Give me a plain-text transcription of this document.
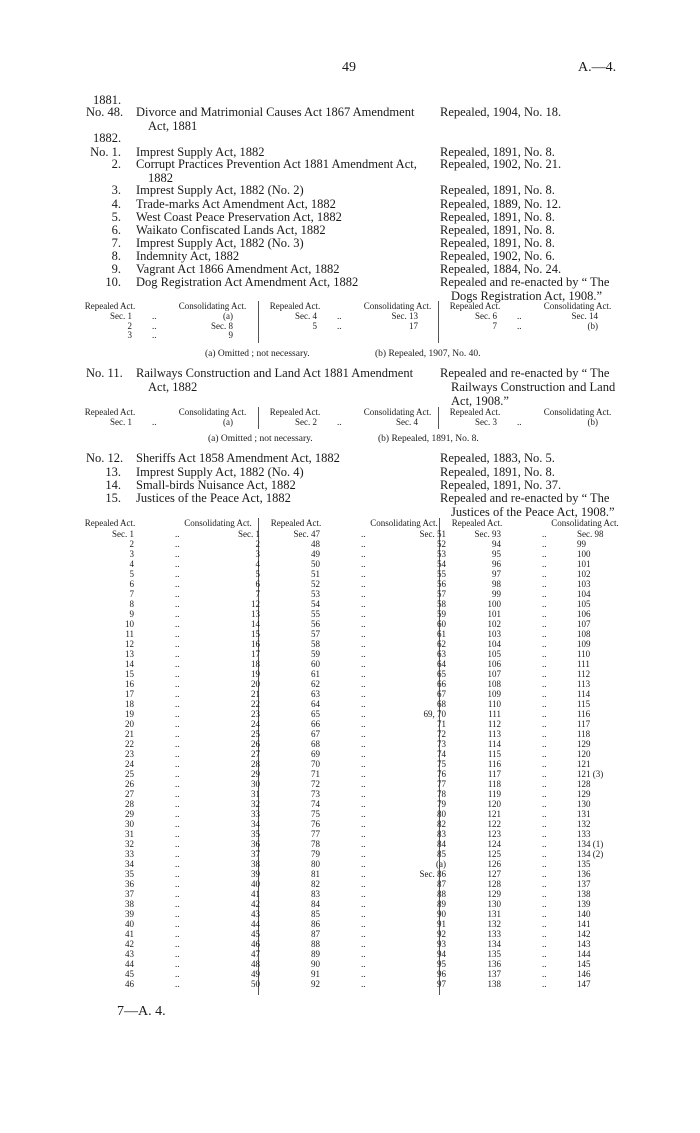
49	A.—4.
1881.
No. 48.	Divorce and Matrimonial Causes Act 1867 Amendment
Act, 1881
Repealed, 1904, No. 18.
1882.
No. 1. Imprest Supply Act, 1882	Repealed, 1891, No. 8.
2. Corrupt Practices Prevention Act 1881 Amendment Act,
1882
Repealed, 1902, No. 21.
3. Imprest Supply Act, 1882 (No. 2)	Repealed, 1891, No. 8.
4. Trade-marks Act Amendment Act, 1882	Repealed, 1889, No. 12.
5. West Coast Peace Preservation Act, 1882	Repealed, 1891, No. 8.
6. Waikato Confiscated Lands Act, 1882	Repealed, 1891, No. 8.
7. Imprest Supply Act, 1882 (No. 3)	Repealed, 1891, No. 8.
8. Indemnity Act, 1882	Repealed, 1902, No. 6.
9. Vagrant Act 1866 Amendment Act, 1882	Repealed, 1884, No. 24.
10. Dog Registration Act Amendment Act, 1882	Repealed and re-enacted by “ The
Dogs Registration Act, 1908.”
Repealed Act.	Consolidating Act.	Repealed Act.	Consolidating Act.	Repealed Act.	Consolidating Act.
Sec. 1 ..	(a)	Sec. 4 ..	Sec. 13	Sec. 6 ..	Sec. 14
2 ..	Sec. 8	5 ..	17	7 ..	(b)
3 ..	9
(a) Omitted ; not necessary.	(b) Repealed, 1907, No. 40.
No. 11.	Railways Construction and Land Act 1881 Amendment
Act, 1882
Repealed and re-enacted by “ The
Railways Construction and Land
Act, 1908.”
Repealed Act.	Consolidating Act.	Repealed Act.	Consolidating Act.	Repealed Act.	Consolidating Act.
Sec. 1 ..	(a)	Sec. 2 ..	Sec. 4	Sec. 3 ..	(b)
(a) Omitted ; not necessary.	(b) Repealed, 1891, No. 8.
No. 12. Sheriffs Act 1858 Amendment Act, 1882	Repealed, 1883, No. 5.
13. Imprest Supply Act, 1882 (No. 4)	Repealed, 1891, No. 8.
14. Small-birds Nuisance Act, 1882	Repealed, 1891, No. 37.
15. Justices of the Peace Act, 1882	Repealed and re-enacted by “ The
Justices of the Peace Act, 1908.”
Repealed Act.	Consolidating Act.	Repealed Act.	Consolidating Act.	Repealed Act.	Consolidating Act.
Sec. 1	..	Sec. 1
2	..	2
3	..	3
4	..	4
5	..	5
6	..	6
7	..	7
8	..	12
9	..	13
10	..	14
11	..	15
12	..	16
13	..	17
14	..	18
15	..	19
16	..	20
17	..	21
18	..	22
19	..	23
20	..	24
21	..	25
22	..	26
23	..	27
24	..	28
25	..	29
26	..	30
27	..	31
28	..	32
29	..	33
30	..	34
31	..	35
32	..	36
33	..	37
34	..	38
35	..	39
36	..	40
37	..	41
38	..	42
39	..	43
40	..	44
41	..	45
42	..	46
43	..	47
44	..	48
45	..	49
46	..	50
Sec. 47	..	Sec. 51
48	..	52
49	..	53
50	..	54
51	..	55
52	..	56
53	..	57
54	..	58
55	..	59
56	..	60
57	..	61
58	..	62
59	..	63
60	..	64
61	..	65
62	..	66
63	..	67
64	..	68
65	..	69, 70
66	..	71
67	..	72
68	..	73
69	..	74
70	..	75
71	..	76
72	..	77
73	..	78
74	..	79
75	..	80
76	..	82
77	..	83
78	..	84
79	..	85
80	..	(a)
81	..	Sec. 86
82	..	87
83	..	88
84	..	89
85	..	90
86	..	91
87	..	92
88	..	93
89	..	94
90	..	95
91	..	96
92	..	97
Sec. 93	..	Sec. 98
94	..	99
95	..	100
96	..	101
97	..	102
98	..	103
99	..	104
100	..	105
101	..	106
102	..	107
103	..	108
104	..	109
105	..	110
106	..	111
107	..	112
108	..	113
109	..	114
110	..	115
111	..	116
112	..	117
113	..	118
114	..	129
115	..	120
116	..	121
117	..	121 (3)
118	..	128
119	..	129
120	..	130
121	..	131
122	..	132
123	..	133
124	..	134 (1)
125	..	134 (2)
126	..	135
127	..	136
128	..	137
129	..	138
130	..	139
131	..	140
132	..	141
133	..	142
134	..	143
135	..	144
136	..	145
137	..	146
138	..	147
7—A. 4.
